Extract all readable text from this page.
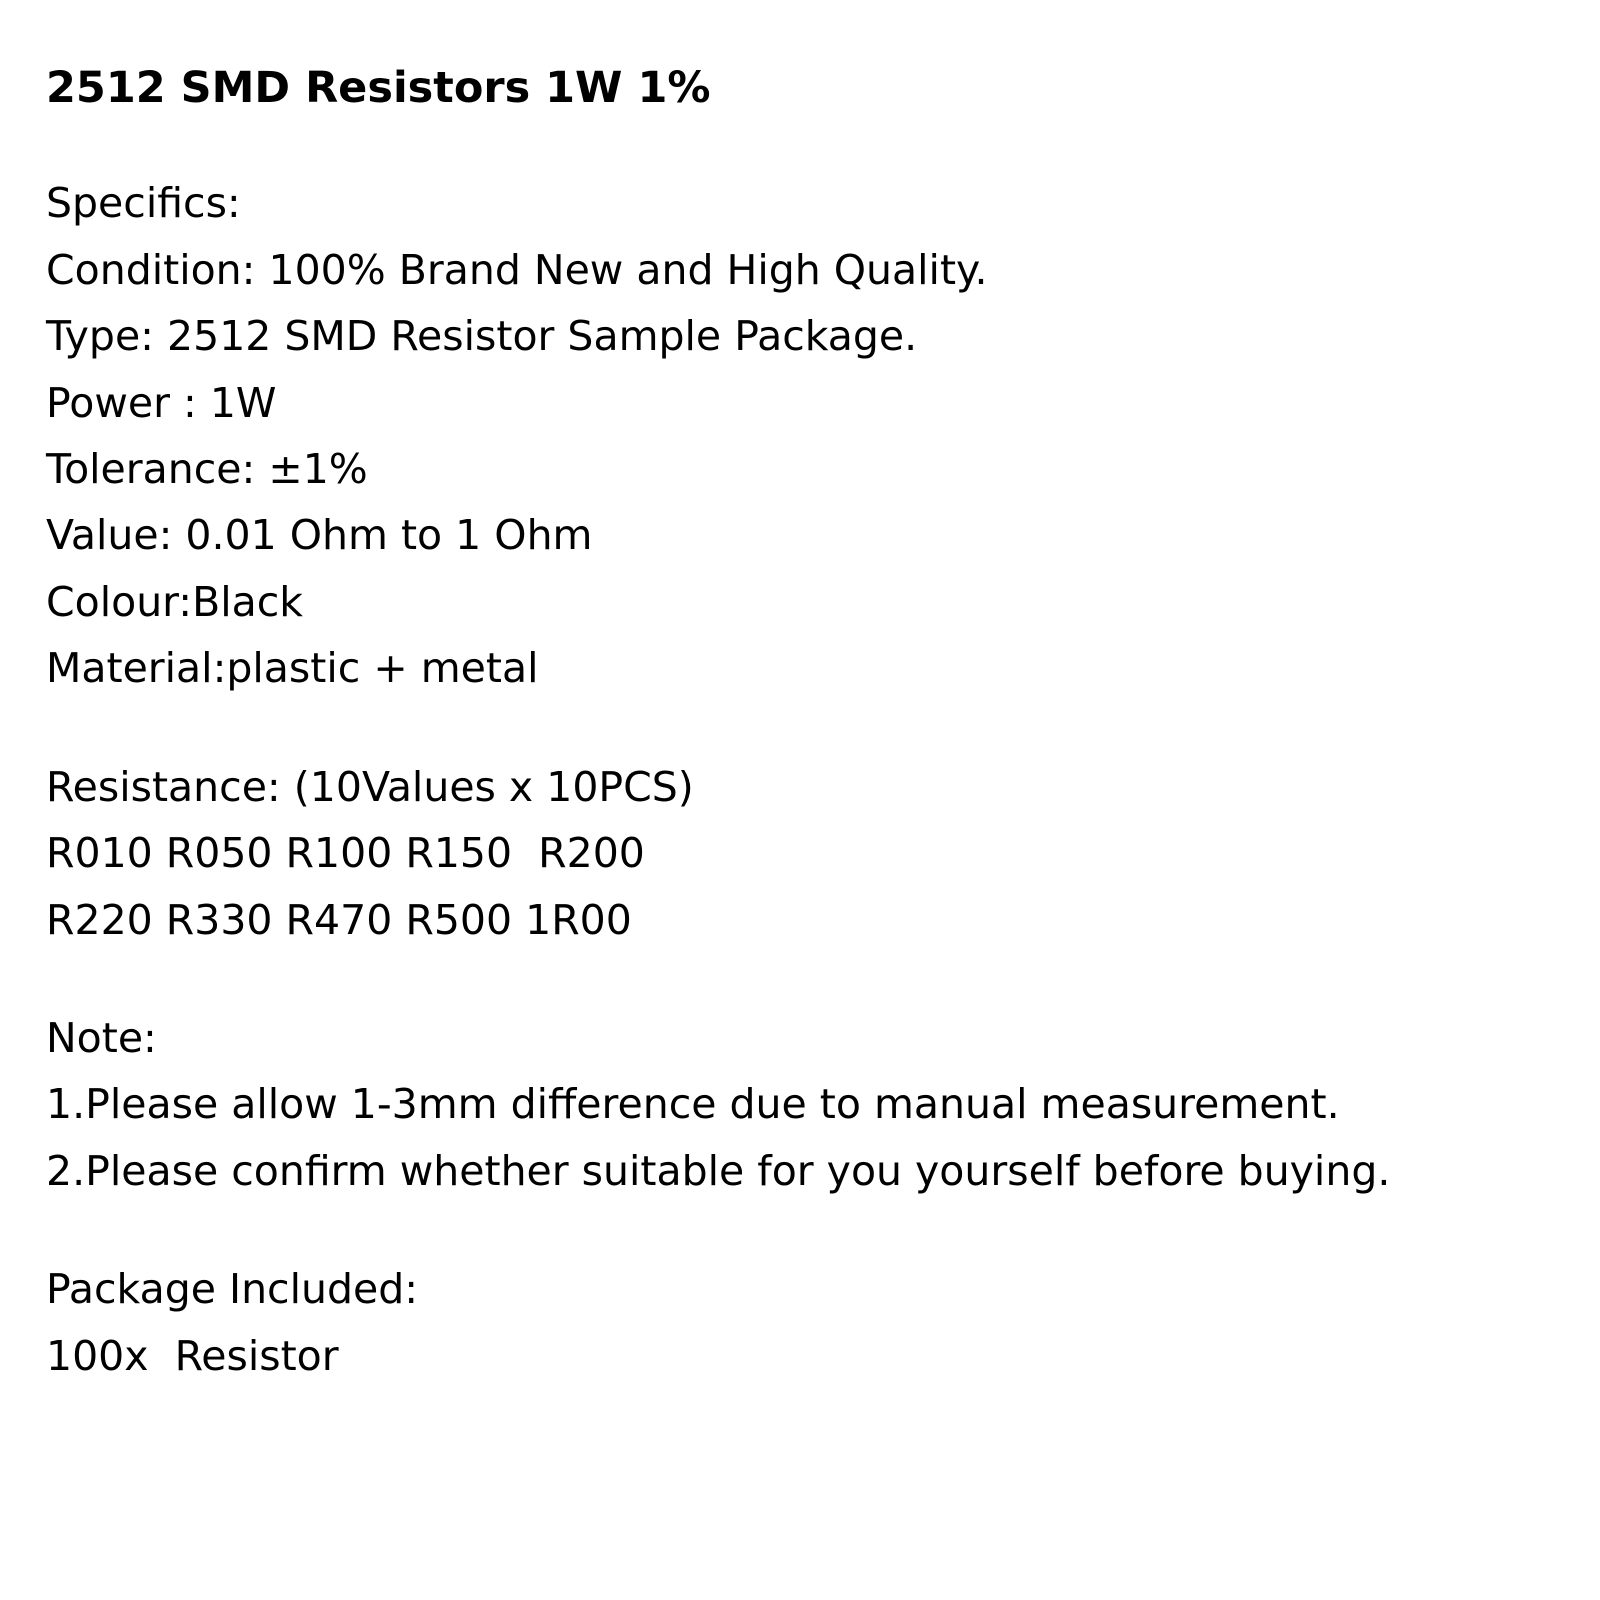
2512 SMD Resistors 1W 1%
Specifics:
Condition: 100% Brand New and High Quality.
Type: 2512 SMD Resistor Sample Package.
Power : 1W
Tolerance: ±1%
Value: 0.01 Ohm to 1 Ohm
Colour:Black
Material:plastic + metal
Resistance: (10Values x 10PCS)
R010 R050 R100 R150  R200
R220 R330 R470 R500 1R00
Note:
1.Please allow 1-3mm difference due to manual measurement.
2.Please confirm whether suitable for you yourself before buying.
Package Included:
100x  Resistor
